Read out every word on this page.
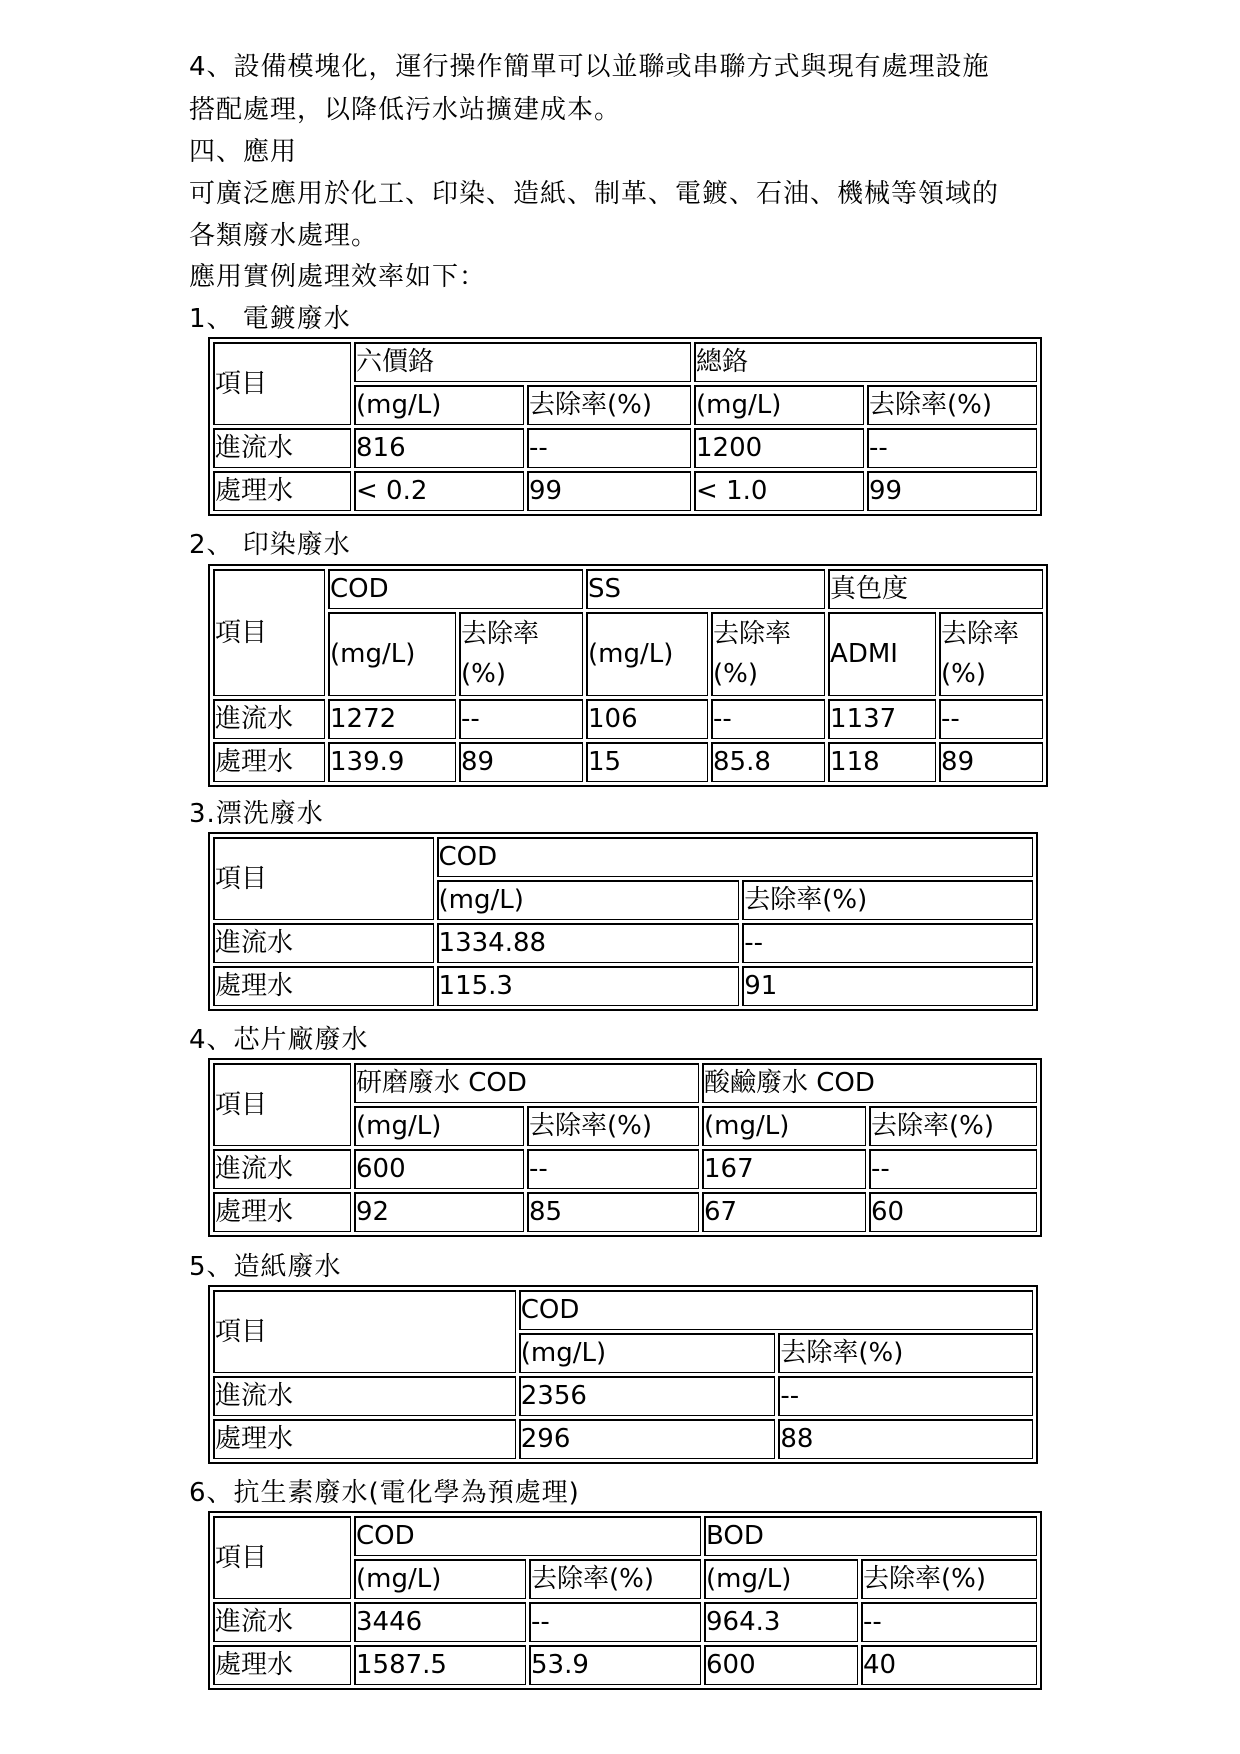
4、設備模塊化，運行操作簡單可以並聯或串聯方式與現有處理設施
搭配處理，以降低污水站擴建成本。
四、應用
可廣泛應用於化工、印染、造紙、制革、電鍍、石油、機械等領域的
各類廢水處理。
應用實例處理效率如下：
1、 電鍍廢水
項目	六價鉻		總鉻	
	(mg/L)	去除率(%)	(mg/L)	去除率(%)
進流水	816	--	1200	--
處理水	< 0.2	99	< 1.0	99
2、 印染廢水
項目	COD		SS		真色度	
	(mg/L)	去除率(%)	(mg/L)	去除率(%)	ADMI	去除率(%)
進流水	1272	--	106	--	1137	--
處理水	139.9	89	15	85.8	118	89
3.漂洗廢水
項目	COD	
	(mg/L)	去除率(%)
進流水	1334.88	--
處理水	115.3	91
4、芯片廠廢水
項目	研磨廢水 COD		酸鹼廢水 COD	
	(mg/L)	去除率(%)	(mg/L)	去除率(%)
進流水	600	--	167	--
處理水	92	85	67	60
5、造紙廢水
項目	COD	
	(mg/L)	去除率(%)
進流水	2356	--
處理水	296	88
6、抗生素廢水(電化學為預處理)
項目	COD		BOD	
	(mg/L)	去除率(%)	(mg/L)	去除率(%)
進流水	3446	--	964.3	--
處理水	1587.5	53.9	600	40
